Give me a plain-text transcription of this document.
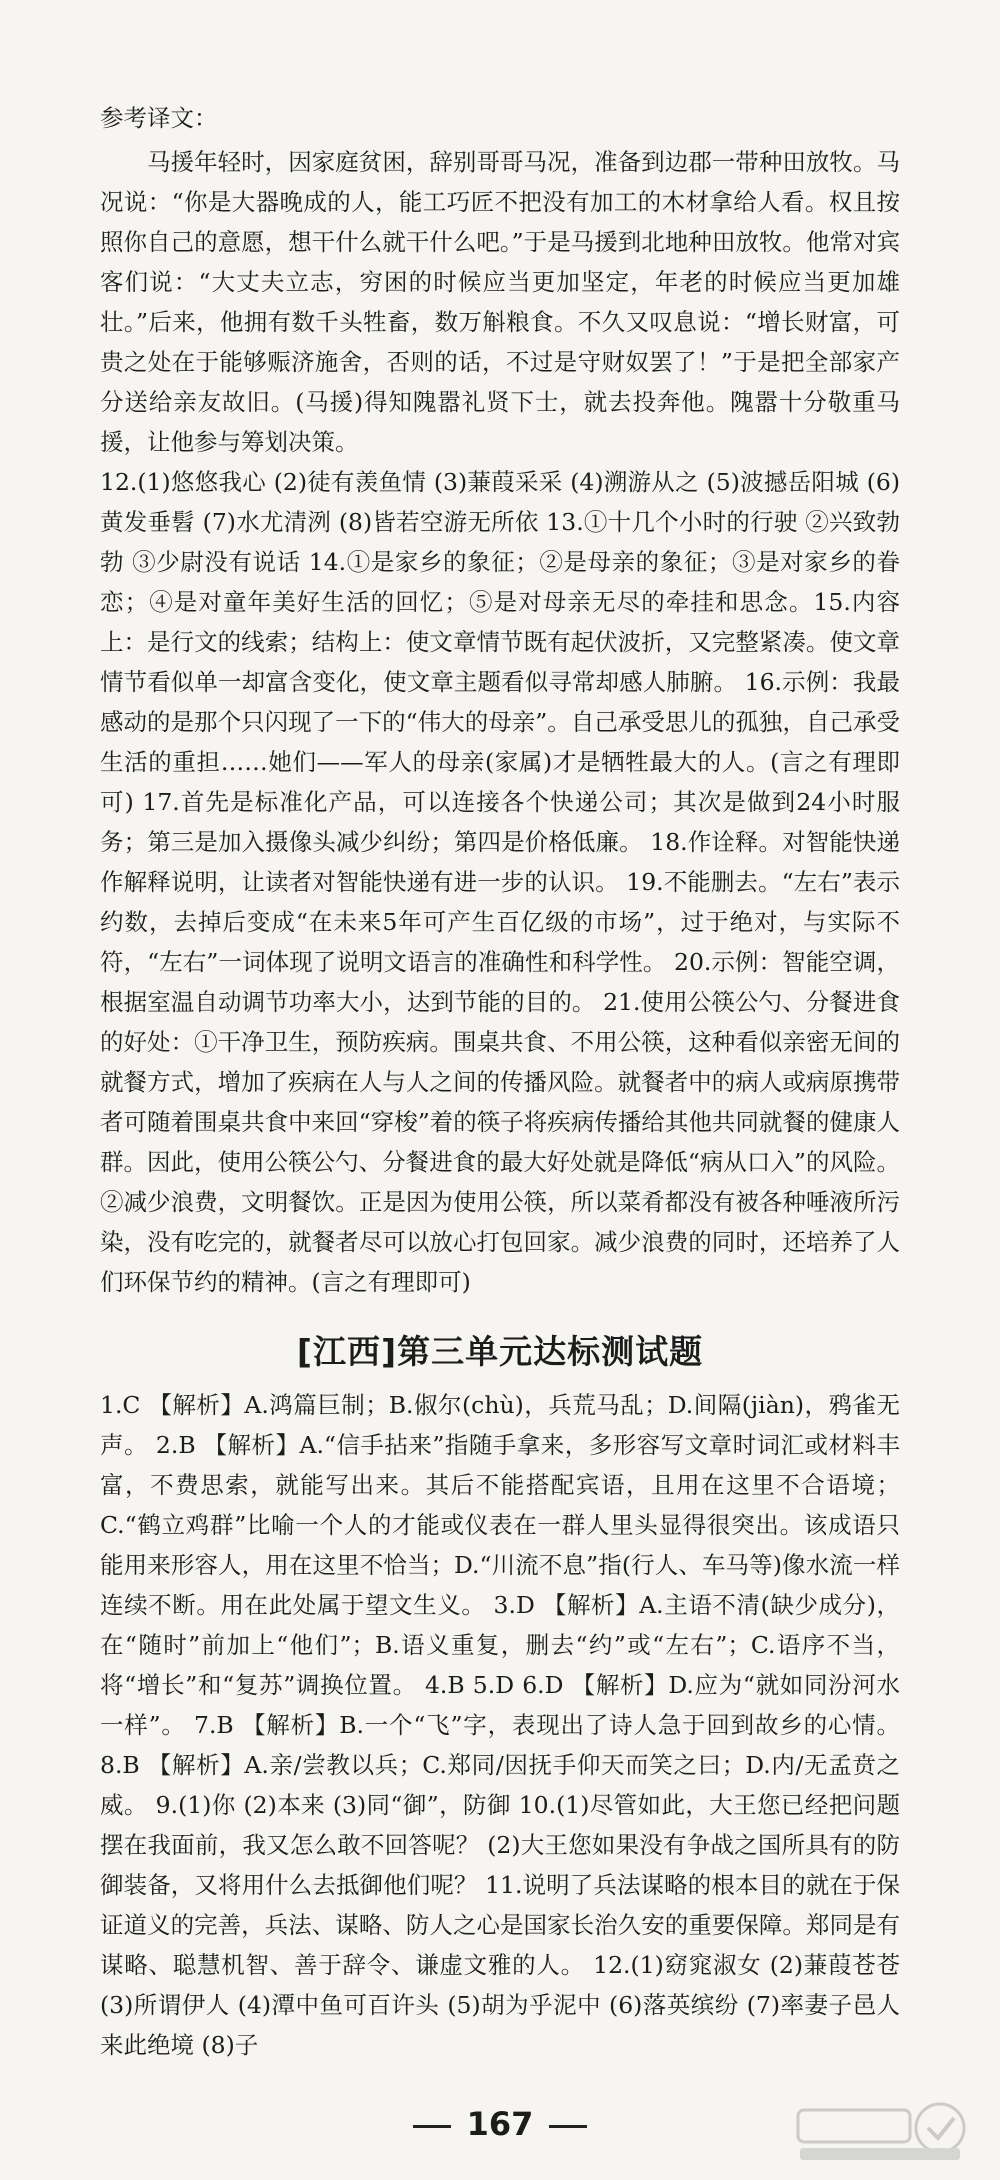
参考译文：

马援年轻时，因家庭贫困，辞别哥哥马况，准备到边郡一带种田放牧。马况说：“你是大器晚成的人，能工巧匠不把没有加工的木材拿给人看。权且按照你自己的意愿，想干什么就干什么吧。”于是马援到北地种田放牧。他常对宾客们说：“大丈夫立志，穷困的时候应当更加坚定，年老的时候应当更加雄壮。”后来，他拥有数千头牲畜，数万斛粮食。不久又叹息说：“增长财富，可贵之处在于能够赈济施舍，否则的话，不过是守财奴罢了！”于是把全部家产分送给亲友故旧。(马援)得知隗嚣礼贤下士，就去投奔他。隗嚣十分敬重马援，让他参与筹划决策。

12.(1)悠悠我心 (2)徒有羡鱼情 (3)蒹葭采采 (4)溯游从之 (5)波撼岳阳城 (6)黄发垂髫 (7)水尤清洌 (8)皆若空游无所依 13.①十几个小时的行驶 ②兴致勃勃 ③少尉没有说话 14.①是家乡的象征；②是母亲的象征；③是对家乡的眷恋；④是对童年美好生活的回忆；⑤是对母亲无尽的牵挂和思念。15.内容上：是行文的线索；结构上：使文章情节既有起伏波折，又完整紧凑。使文章情节看似单一却富含变化，使文章主题看似寻常却感人肺腑。 16.示例：我最感动的是那个只闪现了一下的“伟大的母亲”。自己承受思儿的孤独，自己承受生活的重担……她们——军人的母亲(家属)才是牺牲最大的人。(言之有理即可) 17.首先是标准化产品，可以连接各个快递公司；其次是做到24小时服务；第三是加入摄像头减少纠纷；第四是价格低廉。 18.作诠释。对智能快递作解释说明，让读者对智能快递有进一步的认识。 19.不能删去。“左右”表示约数，去掉后变成“在未来5年可产生百亿级的市场”，过于绝对，与实际不符，“左右”一词体现了说明文语言的准确性和科学性。 20.示例：智能空调，根据室温自动调节功率大小，达到节能的目的。 21.使用公筷公勺、分餐进食的好处：①干净卫生，预防疾病。围桌共食、不用公筷，这种看似亲密无间的就餐方式，增加了疾病在人与人之间的传播风险。就餐者中的病人或病原携带者可随着围桌共食中来回“穿梭”着的筷子将疾病传播给其他共同就餐的健康人群。因此，使用公筷公勺、分餐进食的最大好处就是降低“病从口入”的风险。②减少浪费，文明餐饮。正是因为使用公筷，所以菜肴都没有被各种唾液所污染，没有吃完的，就餐者尽可以放心打包回家。减少浪费的同时，还培养了人们环保节约的精神。(言之有理即可)

[江西]第三单元达标测试题

1.C 【解析】A.鸿篇巨制；B.俶尔(chù)，兵荒马乱；D.间隔(jiàn)，鸦雀无声。 2.B 【解析】A.“信手拈来”指随手拿来，多形容写文章时词汇或材料丰富，不费思索，就能写出来。其后不能搭配宾语，且用在这里不合语境；C.“鹤立鸡群”比喻一个人的才能或仪表在一群人里头显得很突出。该成语只能用来形容人，用在这里不恰当；D.“川流不息”指(行人、车马等)像水流一样连续不断。用在此处属于望文生义。 3.D 【解析】A.主语不清(缺少成分)，在“随时”前加上“他们”；B.语义重复，删去“约”或“左右”；C.语序不当，将“增长”和“复苏”调换位置。 4.B 5.D 6.D 【解析】D.应为“就如同汾河水一样”。 7.B 【解析】B.一个“飞”字，表现出了诗人急于回到故乡的心情。 8.B 【解析】A.亲/尝教以兵；C.郑同/因抚手仰天而笑之曰；D.内/无孟贲之威。 9.(1)你 (2)本来 (3)同“御”，防御 10.(1)尽管如此，大王您已经把问题摆在我面前，我又怎么敢不回答呢？ (2)大王您如果没有争战之国所具有的防御装备，又将用什么去抵御他们呢？ 11.说明了兵法谋略的根本目的就在于保证道义的完善，兵法、谋略、防人之心是国家长治久安的重要保障。郑同是有谋略、聪慧机智、善于辞令、谦虚文雅的人。 12.(1)窈窕淑女 (2)蒹葭苍苍 (3)所谓伊人 (4)潭中鱼可百许头 (5)胡为乎泥中 (6)落英缤纷 (7)率妻子邑人来此绝境 (8)子

167
